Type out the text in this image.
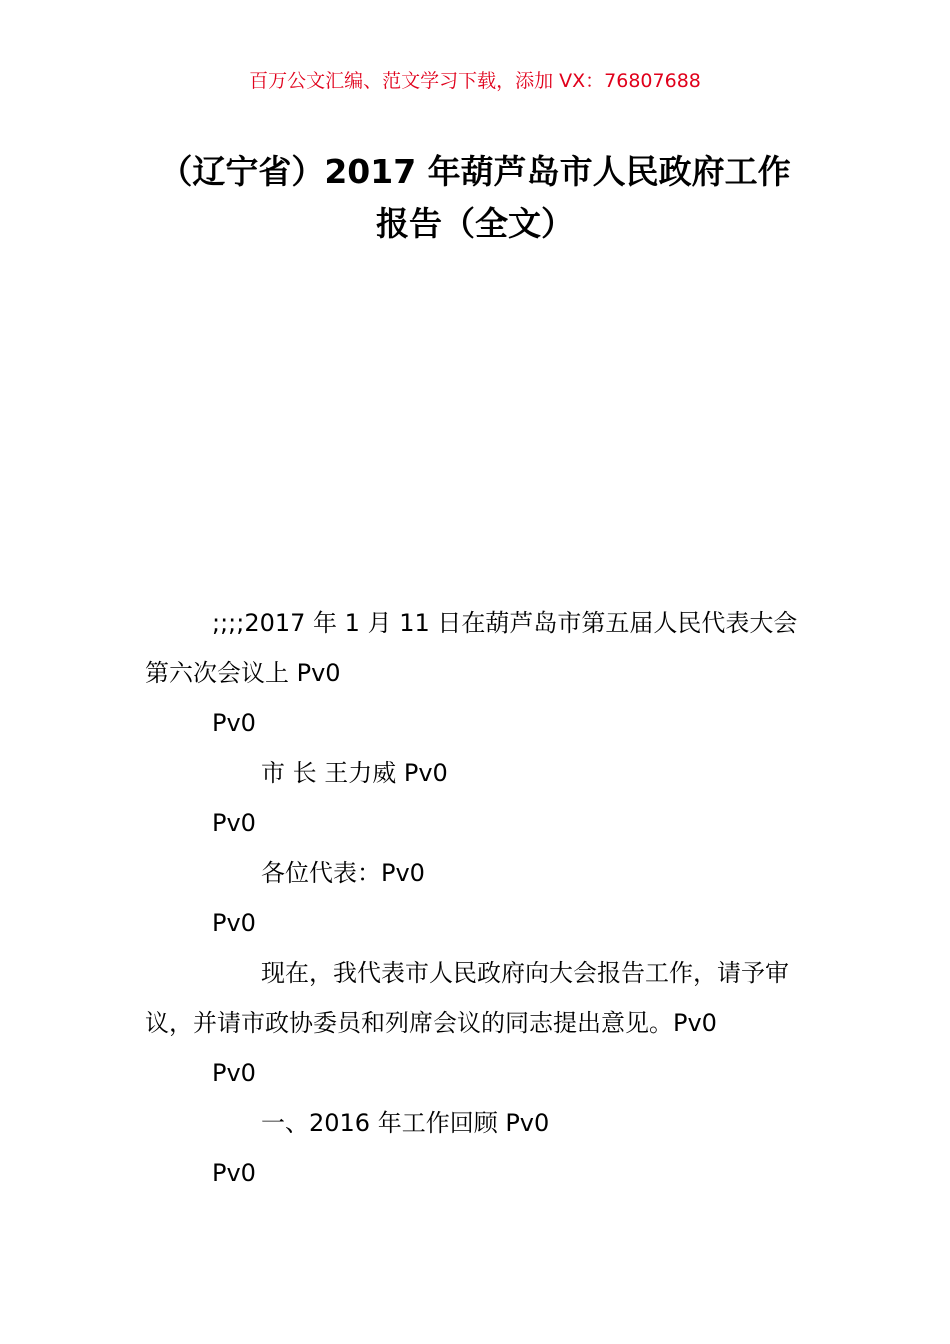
百万公文汇编、范文学习下载，添加 VX：76807688
（辽宁省）2017 年葫芦岛市人民政府工作
报告（全文）

;;;;2017 年 1 月 11 日在葫芦岛市第五届人民代表大会第六次会议上 Pv0

Pv0

市 长 王力威 Pv0

Pv0

各位代表：Pv0

Pv0

现在，我代表市人民政府向大会报告工作，请予审议，并请市政协委员和列席会议的同志提出意见。Pv0

Pv0

一、2016 年工作回顾 Pv0

Pv0
